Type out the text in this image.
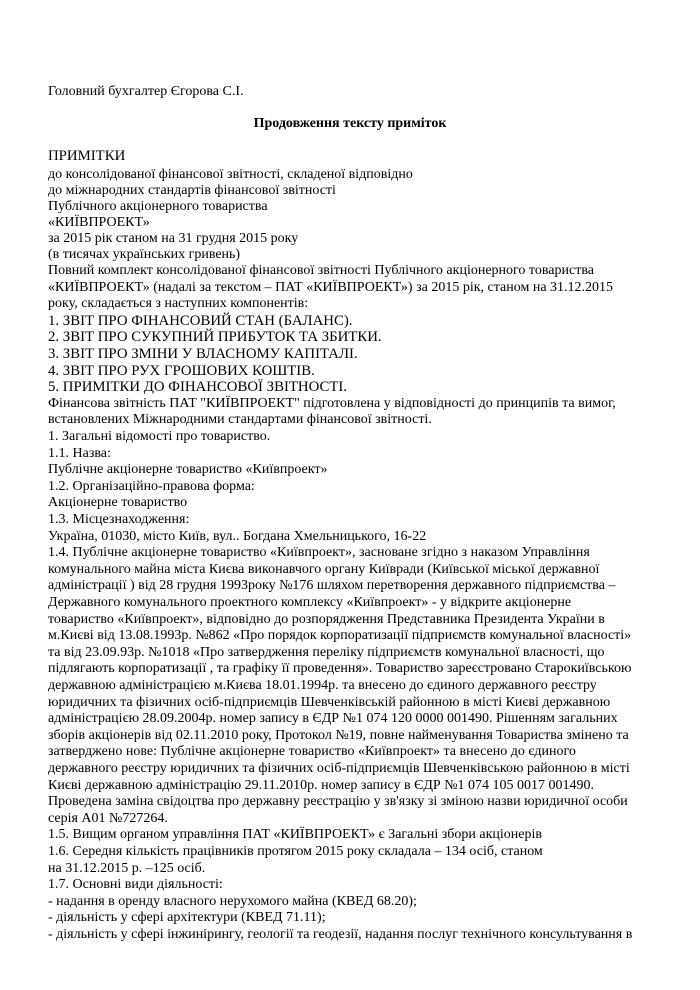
Головний бухгалтер Єгорова С.І.
Продовження тексту приміток
ПРИМІТКИ
до консолідованої фінансової звітності, складеної відповідно
до міжнародних стандартів фінансової звітності
Публічного акціонерного товариства
«КИЇВПРОЕКТ»
за 2015 рік станом на 31 грудня 2015 року
(в тисячах українських гривень)
Повний комплект консолідованої фінансової звітності Публічного акціонерного товариства
«КИЇВПРОЕКТ» (надалі за текстом – ПАТ «КИЇВПРОЕКТ») за 2015 рік, станом на 31.12.2015
року, складається з наступних компонентів:
1. ЗВІТ ПРО ФІНАНСОВИЙ СТАН (БАЛАНС).
2. ЗВІТ ПРО СУКУПНИЙ ПРИБУТОК ТА ЗБИТКИ.
3. ЗВІТ ПРО ЗМІНИ У ВЛАСНОМУ КАПІТАЛІ.
4. ЗВІТ ПРО РУХ ГРОШОВИХ КОШТІВ.
5. ПРИМІТКИ ДО ФІНАНСОВОЇ ЗВІТНОСТІ.
Фінансова звітність ПАТ "КИЇВПРОЕКТ" підготовлена у відповідності до принципів та вимог,
встановлених Міжнародними стандартами фінансової звітності.
1. Загальні відомості про товариство.
1.1. Назва:
Публічне акціонерне товариство «Київпроект»
1.2. Організаційно-правова форма:
Акціонерне товариство
1.3. Місцезнаходження:
Україна, 01030, місто Київ, вул.. Богдана Хмельницького, 16-22
1.4. Публічне акціонерне товариство «Київпроект», засноване згідно з наказом Управління
комунального майна міста Києва виконавчого органу Київради (Київської міської державної
адміністрації ) від 28 грудня 1993року №176 шляхом перетворення державного підприємства –
Державного комунального проектного комплексу «Київпроект» - у відкрите акціонерне
товариство «Київпроект», відповідно до розпорядження Представника Президента України в
м.Києві від 13.08.1993р. №862 «Про порядок корпоратизації підприємств комунальної власності»
та від 23.09.93р. №1018 «Про затвердження переліку підприємств комунальної власності, що
підлягають корпоратизації , та графіку її проведення». Товариство зареєстровано Старокиївською
державною адміністрацією м.Києва 18.01.1994р. та внесено до єдиного державного реєстру
юридичних та фізичних осіб-підприємців Шевченківській районною в місті Києві державною
адміністрацією 28.09.2004р. номер запису в ЄДР №1 074 120 0000 001490. Рішенням загальних
зборів акціонерів від 02.11.2010 року, Протокол №19, повне найменування Товариства змінено та
затверджено нове: Публічне акціонерне товариство «Київпроект» та внесено до єдиного
державного реєстру юридичних та фізичних осіб-підприємців Шевченківською районною в місті
Києві державною адміністрацію 29.11.2010р. номер запису в ЄДР №1 074 105 0017 001490.
Проведена заміна свідоцтва про державну реєстрацію у зв'язку зі зміною назви юридичної особи
серія А01 №727264.
1.5. Вищим органом управління ПАТ «КИЇВПРОЕКТ» є Загальні збори акціонерів
1.6. Середня кількість працівників протягом 2015 року складала – 134 осіб, станом
на 31.12.2015 р. –125 осіб.
1.7. Основні види діяльності:
- надання в оренду власного нерухомого майна (КВЕД 68.20);
- діяльність у сфері архітектури (КВЕД 71.11);
- діяльність у сфері інжинірингу, геології та геодезії, надання послуг технічного консультування в
